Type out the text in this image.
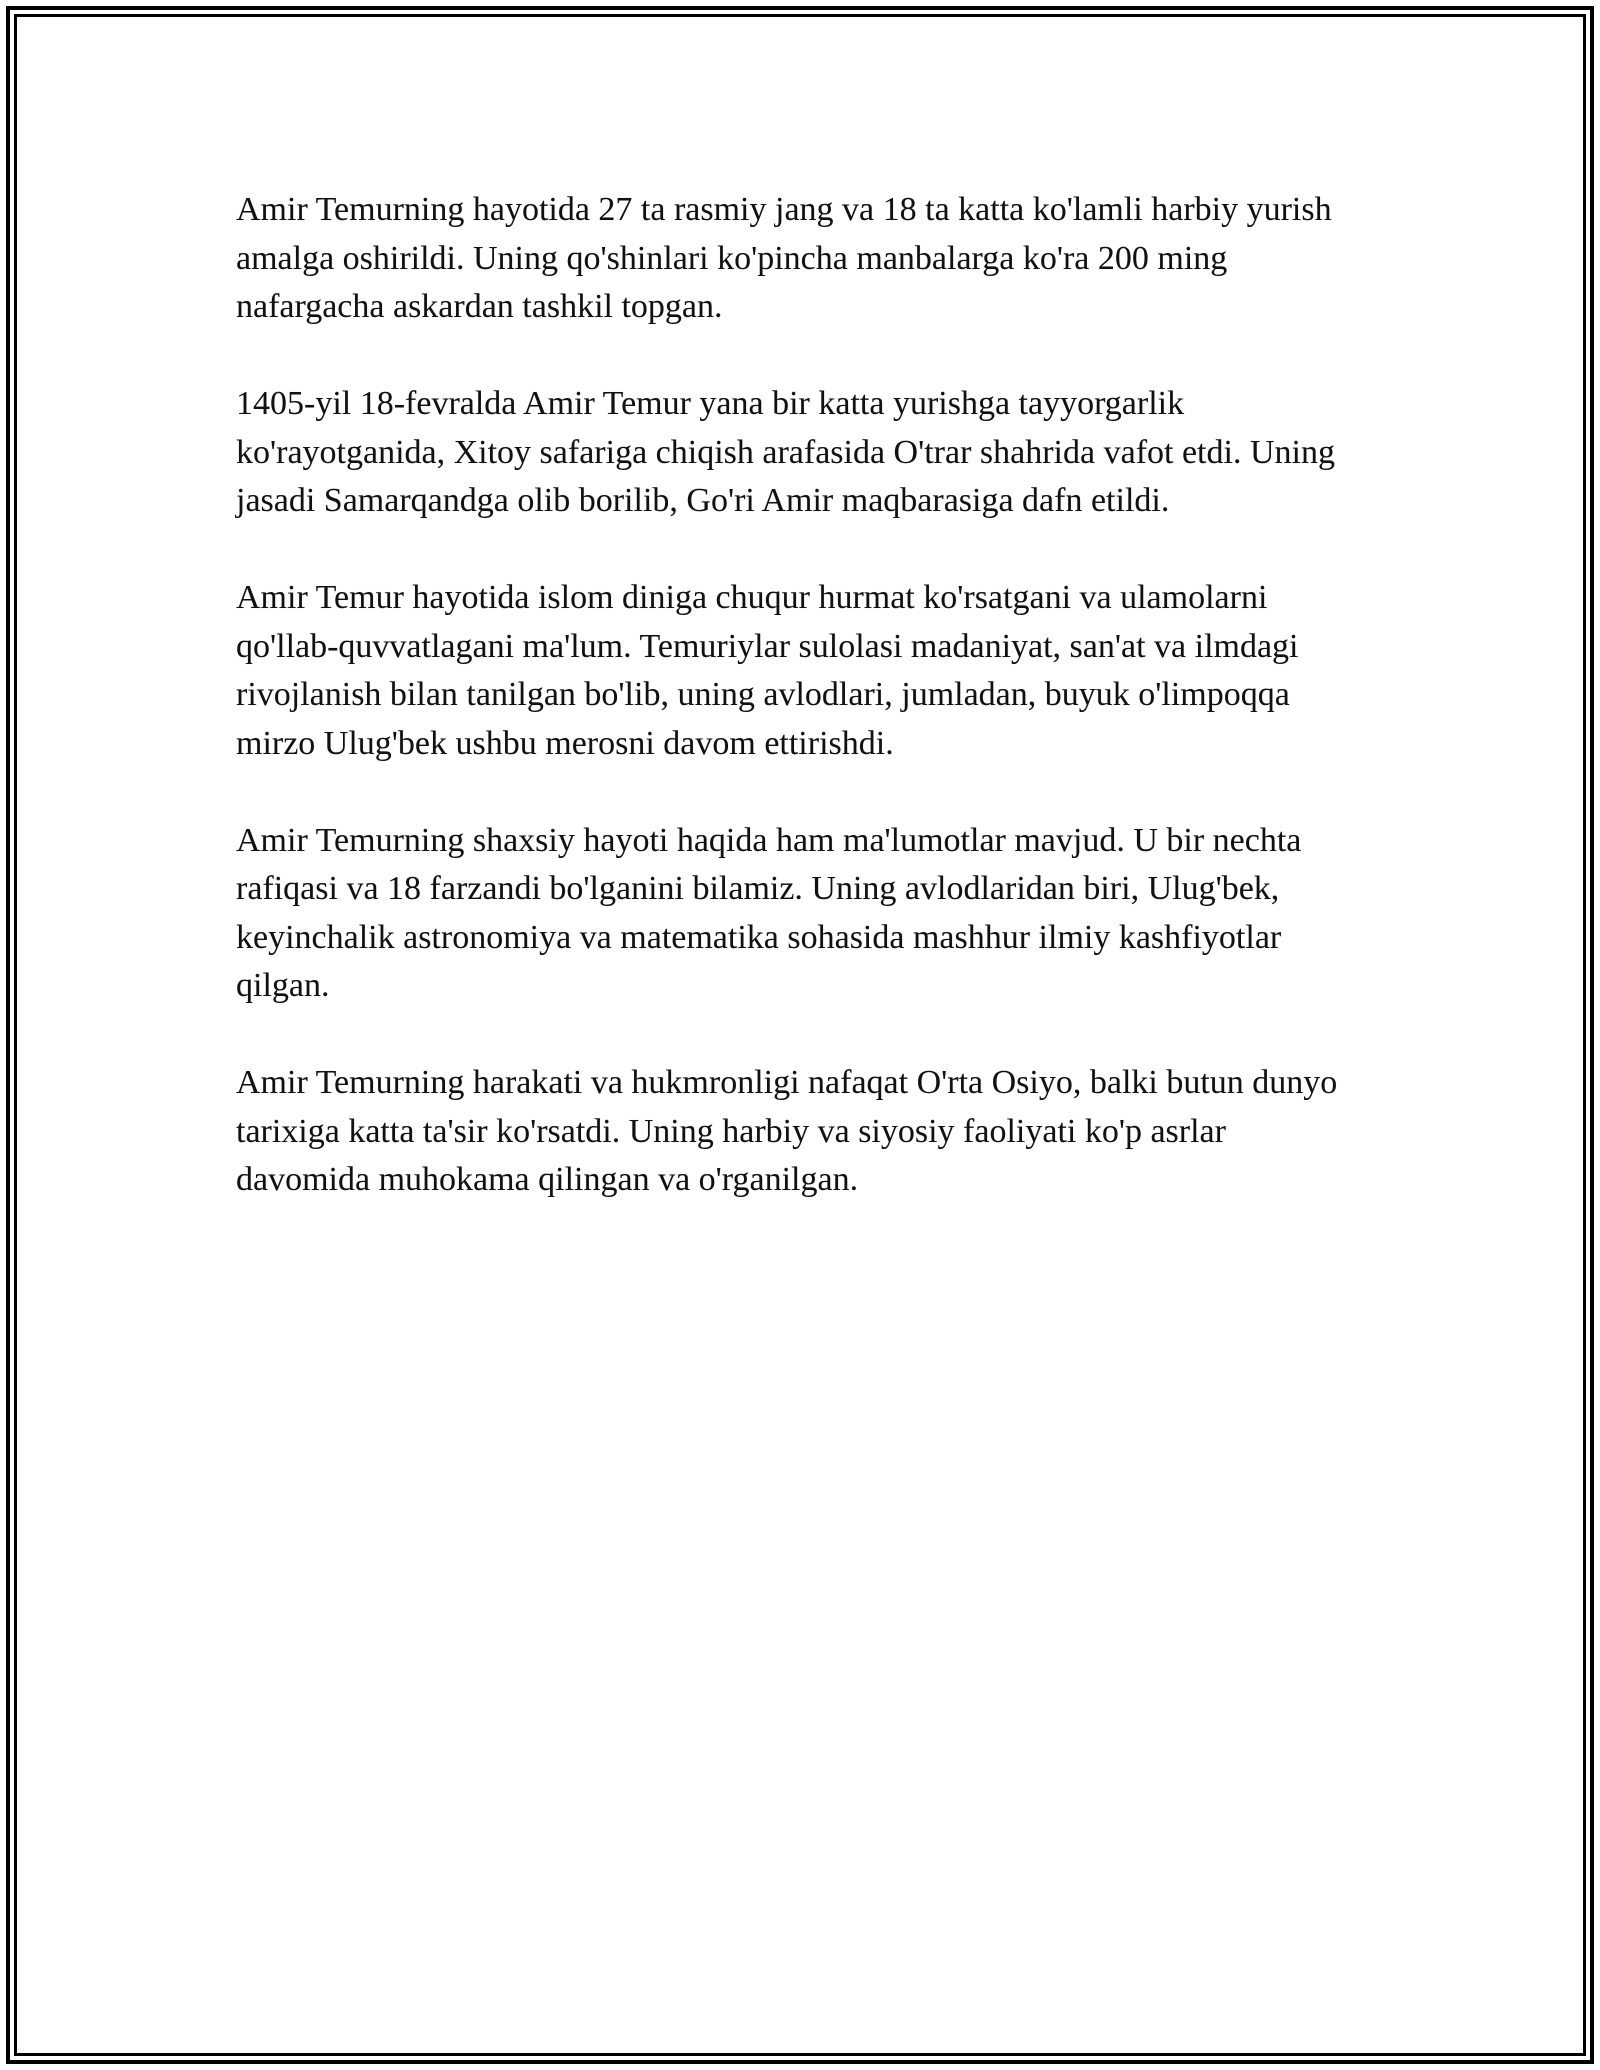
Amir Temurning hayotida 27 ta rasmiy jang va 18 ta katta ko'lamli harbiy yurish amalga oshirildi. Uning qo'shinlari ko'pincha manbalarga ko'ra 200 ming nafargacha askardan tashkil topgan.

1405-yil 18-fevralda Amir Temur yana bir katta yurishga tayyorgarlik ko'rayotganida, Xitoy safariga chiqish arafasida O'trar shahrida vafot etdi. Uning jasadi Samarqandga olib borilib, Go'ri Amir maqbarasiga dafn etildi.

Amir Temur hayotida islom diniga chuqur hurmat ko'rsatgani va ulamolarni qo'llab-quvvatlagani ma'lum. Temuriylar sulolasi madaniyat, san'at va ilmdagi rivojlanish bilan tanilgan bo'lib, uning avlodlari, jumladan, buyuk o'limpoqqa mirzo Ulug'bek ushbu merosni davom ettirishdi.

Amir Temurning shaxsiy hayoti haqida ham ma'lumotlar mavjud. U bir nechta rafiqasi va 18 farzandi bo'lganini bilamiz. Uning avlodlaridan biri, Ulug'bek, keyinchalik astronomiya va matematika sohasida mashhur ilmiy kashfiyotlar qilgan.

Amir Temurning harakati va hukmronligi nafaqat O'rta Osiyo, balki butun dunyo tarixiga katta ta'sir ko'rsatdi. Uning harbiy va siyosiy faoliyati ko'p asrlar davomida muhokama qilingan va o'rganilgan.
